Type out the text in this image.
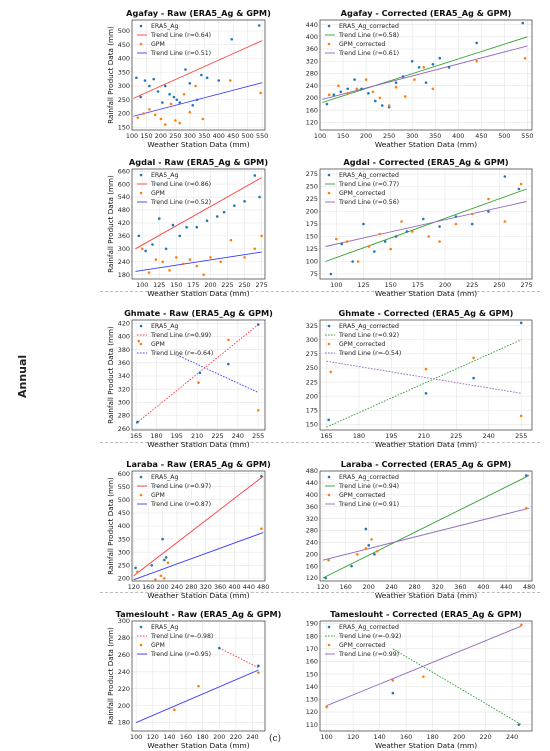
Annual
Agafay - Raw (ERA5_Ag & GPM)
100 150 200 250 300 350 400 450 500 550
150
200
250
300
350
400
450
500
Weather Station Data (mm)
Rainfall Product Data (mm)	ERA5_Ag
Trend Line (r=0.64)
GPM
Trend Line (r=0.51)
Agafay - Corrected (ERA5_Ag & GPM)
100 150 200 250 300 350 400 450 500 550
120
160
200
240
280
320
360
400
440
Weather Station Data (mm)
ERA5_Ag_corrected
Trend Line (r=0.58)
GPM_corrected
Trend Line (r=0.61)
Agdal - Raw (ERA5_Ag & GPM)
100 125 150 175 200 225 250 275
180
240
300
360
420
480
540
600
660
Weather Station Data (mm)
Rainfall Product Data (mm)	ERA5_Ag
Trend Line (r=0.86)
GPM
Trend Line (r=0.52)
Agdal - Corrected (ERA5_Ag & GPM)
100 125 150 175 200 225 250 275
75
100
125
150
175
200
225
250
275
Weather Station Data (mm)
ERA5_Ag_corrected
Trend Line (r=0.77)
GPM_corrected
Trend Line (r=0.56)
Ghmate - Raw (ERA5_Ag & GPM)
165 180 195 210 225 240 255
260
280
300
320
340
360
380
400
420
Weather Station Data (mm)
Rainfall Product Data (mm)	ERA5_Ag
Trend Line (r=0.99)
GPM
Trend Line (r=-0.64)
Ghmate - Corrected (ERA5_Ag & GPM)
165	180	195	210	225	240	255
150
175
200
225
250
275
300
325
Weather Station Data (mm)
ERA5_Ag_corrected
Trend Line (r=0.92)
GPM_corrected
Trend Line (r=-0.54)
Laraba - Raw (ERA5_Ag & GPM)
120 160 200 240 280 320 360 400 440 480
200
250
300
350
400
450
500
550
600
Weather Station Data (mm)
Rainfall Product Data (mm)	ERA5_Ag
Trend Line (r=0.97)
GPM
Trend Line (r=0.87)
Laraba - Corrected (ERA5_Ag & GPM)
120 160 200 240 280 320 360 400 440 480
120
160
200
240
280
320
360
400
440
480
Weather Station Data (mm)
ERA5_Ag_corrected
Trend Line (r=0.94)
GPM_corrected
Trend Line (r=0.91)
Tameslouht - Raw (ERA5_Ag & GPM)
100 120 140 160 180 200 220 240
180
200
220
240
260
280
300
Weather Station Data (mm)
Rainfall Product Data (mm)	ERA5_Ag
Trend Line (r=-0.98)
GPM
Trend Line (r=0.95)
Tameslouht - Corrected (ERA5_Ag & GPM)
100 120 140 160 180 200 220 240
110
120
130
140
150
160
170
180
190
Weather Station Data (mm)
ERA5_Ag_corrected
Trend Line (r=-0.92)
GPM_corrected
Trend Line (r=0.99)
(c)
